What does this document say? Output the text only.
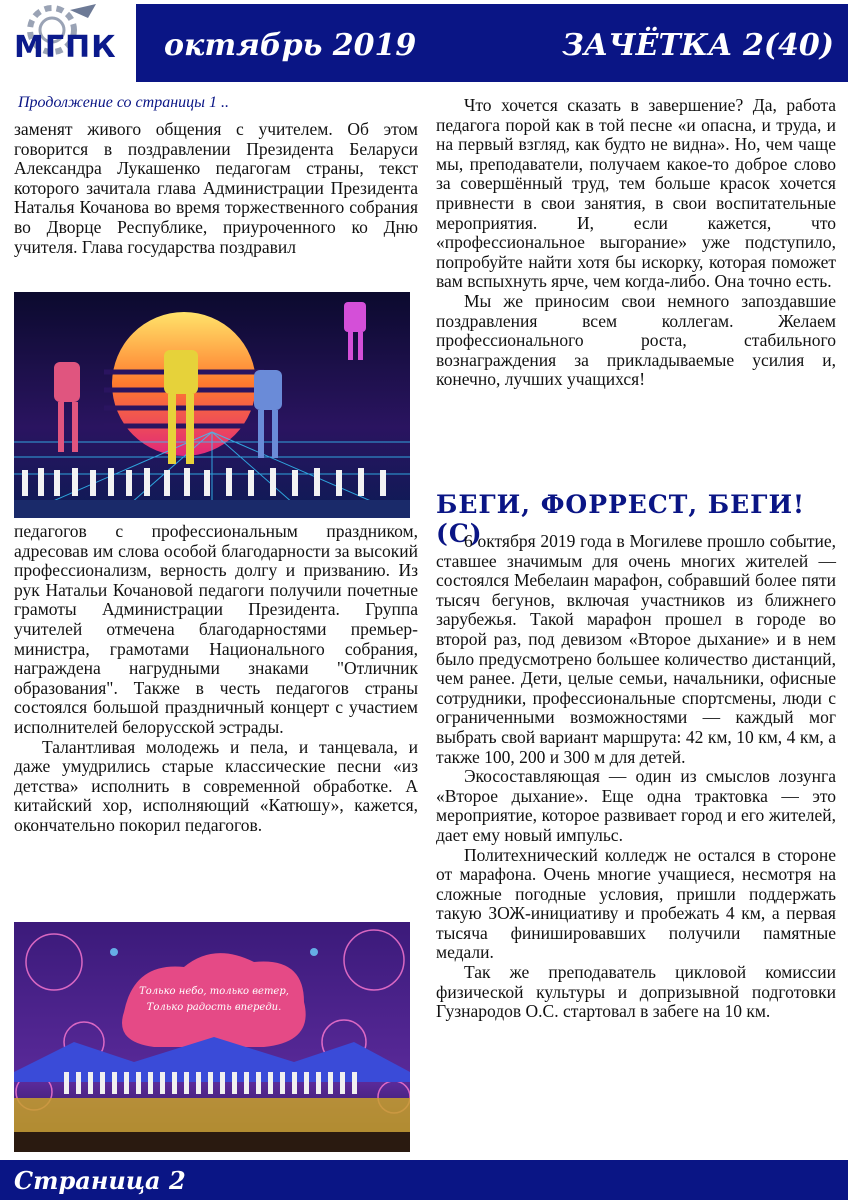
МГПК октябрь 2019	ЗАЧЁТКА 2(40)
Продолжение со страницы 1 ..

заменят живого общения с учителем. Об этом говорится в поздравлении Президента Беларуси Александра Лукашенко педагогам страны, текст которого зачитала глава Администрации Президента Наталья Кочанова во время торжественного собрания во Дворце Республике, приуроченного ко Дню учителя. Глава государства поздравил

педагогов с профессиональным праздником, адресовав им слова особой благодарности за высокий профессионализм, верность долгу и призванию. Из рук Натальи Кочановой педагоги получили почетные грамоты Администрации Президента. Группа учителей отмечена благодарностями премьер-министра, грамотами Национального собрания, награждена нагрудными знаками "Отличник образования". Также в честь педагогов страны состоялся большой праздничный концерт с участием исполнителей белорусской эстрады.

Талантливая молодежь и пела, и танцевала, и даже умудрились старые классические песни «из детства» исполнить в современной обработке. А китайский хор, исполняющий «Катюшу», кажется, окончательно покорил педагогов.

Только небо, только ветер,
Только радость впереди.

Что хочется сказать в завершение? Да, работа педагога порой как в той песне «и опасна, и труда, и на первый взгляд, как будто не видна». Но, чем чаще мы, преподаватели, получаем какое-то доброе слово за совершённый труд, тем больше красок хочется привнести в свои занятия, в свои воспитательные мероприятия. И, если кажется, что «профессиональное выгорание» уже подступило, попробуйте найти хотя бы искорку, которая поможет вам вспыхнуть ярче, чем когда-либо. Она точно есть.

Мы же приносим свои немного запоздавшие поздравления всем коллегам. Желаем профессионального роста, стабильного вознаграждения за прикладываемые усилия и, конечно, лучших учащихся!

БЕГИ, ФОРРЕСТ, БЕГИ! (С)

6 октября 2019 года в Могилеве прошло событие, ставшее значимым для очень многих жителей — состоялся Мебелаин марафон, собравший более пяти тысяч бегунов, включая участников из ближнего зарубежья. Такой марафон прошел в городе во второй раз, под девизом «Второе дыхание» и в нем было предусмотрено большее количество дистанций, чем ранее. Дети, целые семьи, начальники, офисные сотрудники, профессиональные спортсмены, люди с ограниченными возможностями — каждый мог выбрать свой вариант маршрута: 42 км, 10 км, 4 км, а также 100, 200 и 300 м для детей.

Экосоставляющая — один из смыслов лозунга «Второе дыхание». Еще одна трактовка — это мероприятие, которое развивает город и его жителей, дает ему новый импульс.

Политехнический колледж не остался в стороне от марафона. Очень многие учащиеся, несмотря на сложные погодные условия, пришли поддержать такую ЗОЖ-инициативу и пробежать 4 км, а первая тысяча финишировавших получили памятные медали.

Так же преподаватель цикловой комиссии физической культуры и допризывной подготовки Гузнародов О.С. стартовал в забеге на 10 км.

Страница 2
